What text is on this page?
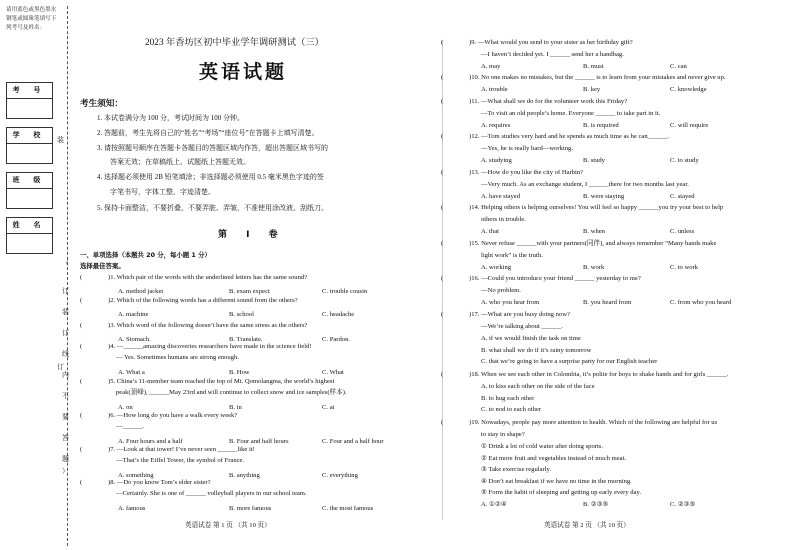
请用蓝色或黑色墨水钢笔或圆珠笔填写下列考号及姓名：
考 号
学 校
班 级
姓 名
（
订
装
订
线
内
不
要
答
题
）
装
订
2023 年香坊区初中毕业学年调研测试（三）
英语试题
考生须知：
1. 本试卷满分为 100 分，考试时间为 100 分钟。
2. 答题前，考生先将自己的“姓名”“考场”“座位号”在答题卡上填写清楚。
3. 请按照题号顺序在答题卡各题目的答题区域内作答，超出答题区域书写的
答案无效；在草稿纸上、试题纸上答题无效。
4. 选择题必须使用 2B 铅笔填涂；非选择题必须使用 0.5 毫米黑色字迹的签
字笔书写，字体工整、字迹清楚。
5. 保持卡面整洁，不要折叠、不要弄脏、弄皱，不准使用涂改液、刮纸刀。
第 Ⅰ 卷
一、单项选择（本题共 20 分，每小题 1 分）
选择最佳答案。
(	)1. Which pair of the words with the underlined letters has the same sound?
A. method jacket	B. exam expect	C. trouble cousin
(	)2. Which of the following words has a different sound from the others?
A. machine	B. school	C. headache
(	)3. Which word of the following doesn’t have the same stress as the others?
A. Stomach.	B. Translate.	C. Pardon.
(	)4. —______amazing discoveries researchers have made in the science field!
— Yes. Sometimes humans are strong enough.
A. What a	B. How	C. What
(	)5. China’s 11-member team reached the top of Mt. Qomolangma, the world’s highest
peak(顶峰), ______May 23rd and will continue to collect snow and ice samples(样本).
A. on	B. in	C. at
(	)6. —How long do you have a walk every week?
—______.
A. Four hours and a half	B. Four and half hours	C. Four and a half hour
(	)7. —Look at that tower! I’ve never seen ______like it!
—That’s the Eiffel Tower, the symbol of France.
A. something	B. anything	C. everything
(	)8. —Do you know Tom’s elder sister?
—Certainly. She is one of ______ volleyball players in our school team.
A. famous	B. more famous	C. the most famous
(	)9. —What would you send to your sister as her birthday gift?
—I haven’t decided yet. I ______ send her a handbag.
A. may	B. must	C. can
(	)10. No one makes no mistakes, but the ______ is to learn from your mistakes and never give up.
A. trouble	B. key	C. knowledge
(	)11. —What shall we do for the volunteer work this Friday?
—To visit an old people’s home. Everyone ______ to take part in it.
A. requires	B. is required	C. will require
(	)12. —Tom studies very hard and he spends as much time as he can______.
—Yes, he is really hard—working.
A. studying	B. study	C. to study
(	)13. —How do you like the city of Harbin?
—Very much. As an exchange student, I ______there for two months last year.
A. have stayed	B. were staying	C. stayed
(	)14. Helping others is helping ourselves! You will feel so happy ______you try your best to help
others in trouble.
A. that	B. when	C. unless
(	)15. Never refuse ______with your partners(同伴), and always remember “Many hands make
light work” is the truth.
A. working	B. work	C. to work
(	)16. —Could you introduce your friend ______ yesterday to me?
—No problem.
A. who you hear from	B. you heard from	C. from who you heard
(	)17. —What are you busy doing now?
—We’re talking about ______.
A. if we would finish the task on time
B. what shall we do if it’s rainy tomorrow
C. that we’re going to have a surprise party for our English teacher
(	)18. When we see each other in Colombia, it’s polite for boys to shake hands and for girls ______.
A. to kiss each other on the side of the face
B. to hug each other
C. to nod to each other
(	)19. Nowadays, people pay more attention to health. Which of the following are helpful for us
to stay in shape?
① Drink a lot of cold water after doing sports.
② Eat more fruit and vegetables instead of much meat.
③ Take exercise regularly.
④ Don’t eat breakfast if we have no time in the morning.
⑤ Form the habit of sleeping and getting up early every day.
A. ①②④	B. ②③⑤	C. ②③⑤
英语试卷 第 1 页 （共 10 页）	英语试卷 第 2 页 （共 10 页）
